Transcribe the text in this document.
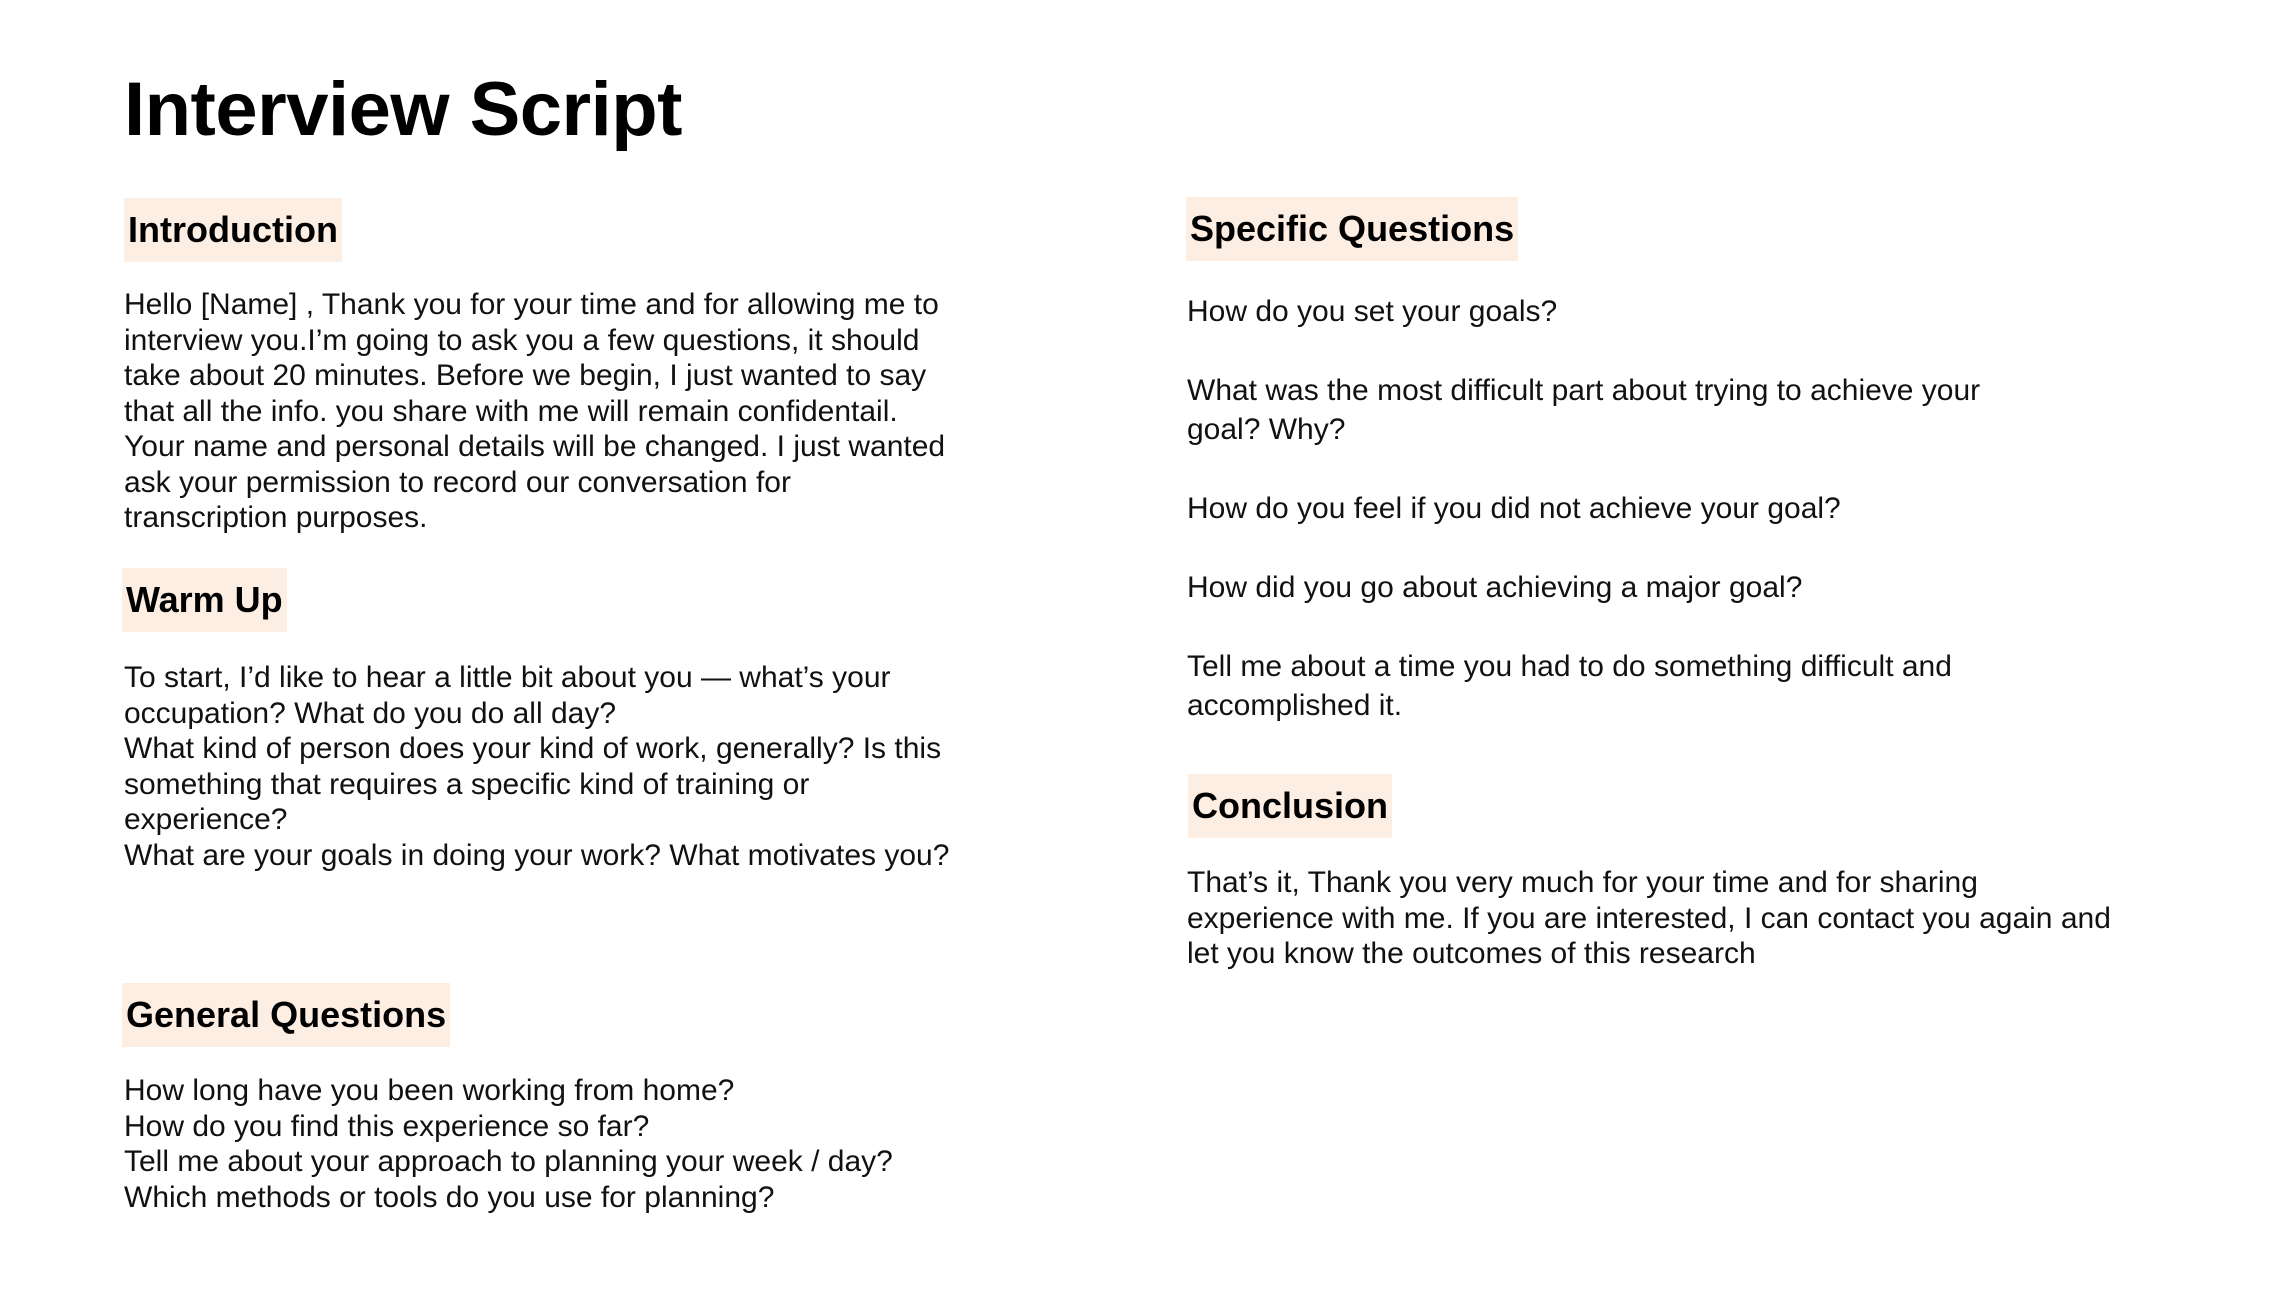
Interview Script
Introduction
Hello [Name] , Thank you for your time and for allowing me to
interview you.I’m going to ask you a few questions, it should
take about 20 minutes. Before we begin, I just wanted to say
that all the info. you share with me will remain confidentail.
Your name and personal details will be changed. I just wanted
ask your permission to record our conversation for
transcription purposes.
Warm Up
To start, I’d like to hear a little bit about you — what’s your
occupation? What do you do all day?
What kind of person does your kind of work, generally? Is this
something that requires a specific kind of training or
experience?
What are your goals in doing your work? What motivates you?
General Questions
How long have you been working from home?
How do you find this experience so far?
Tell me about your approach to planning your week / day?
Which methods or tools do you use for planning?
Specific Questions
How do you set your goals?
What was the most difficult part about trying to achieve your
goal? Why?
How do you feel if you did not achieve your goal?
How did you go about achieving a major goal?
Tell me about a time you had to do something difficult and
accomplished it.
Conclusion
That’s it, Thank you very much for your time and for sharing
experience with me. If you are interested, I can contact you again and
let you know the outcomes of this research
